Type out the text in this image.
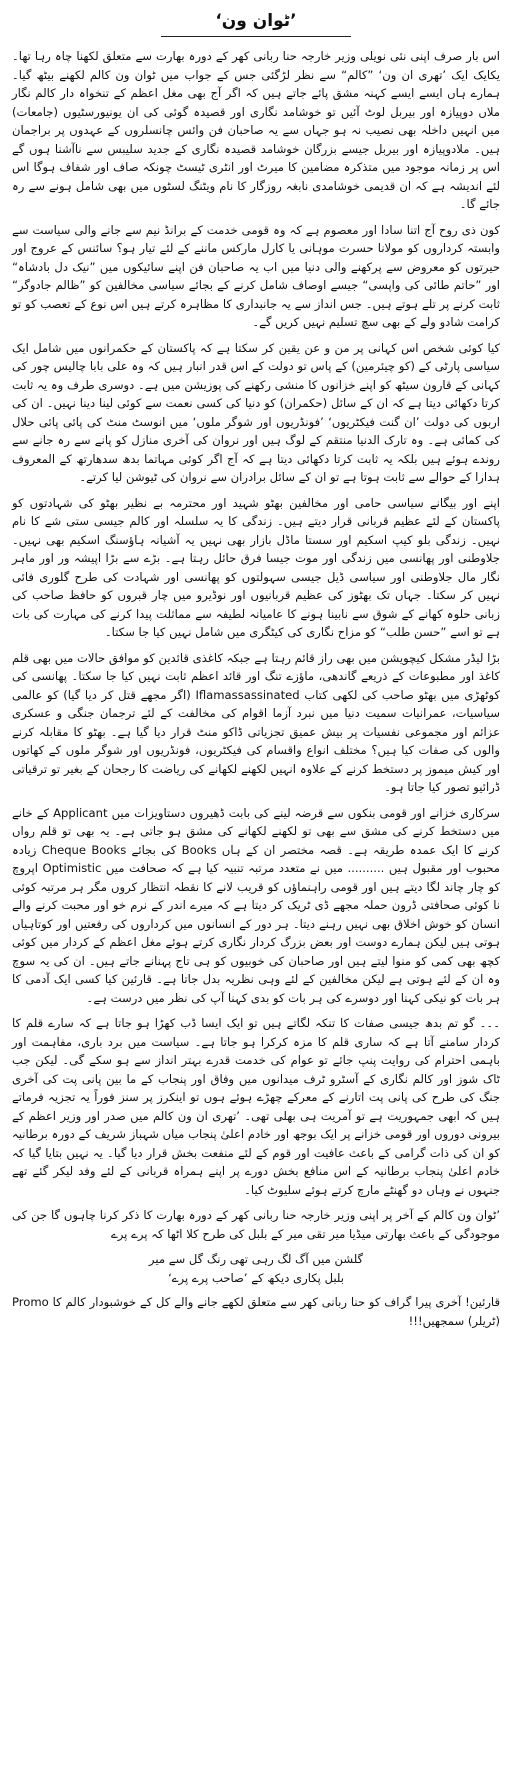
’ٹوان ون‘

اس بار صرف اپنی نئی نویلی وزیر خارجہ حنا ربانی کھر کے دورہ بھارت سے متعلق لکھنا چاہ رہا تھا۔ یکایک ایک ’تھری ان ون‘ ”کالم“ سے نظر لڑگئی جس کے جواب میں ٹوان ون کالم لکھنے بیٹھ گیا۔ ہمارے ہاں ایسے ایسے کہنہ مشق پائے جاتے ہیں کہ اگر آج بھی مغل اعظم کے تنخواہ دار کالم نگار ملاں دوپیازہ اور بیربل لوٹ آئیں تو خوشامد نگاری اور قصیدہ گوئی کی ان یونیورسٹیوں (جامعات) میں انہیں داخلہ بھی نصیب نہ ہو جہاں سے یہ صاحبان فن وائس چانسلروں کے عہدوں پر براجمان ہیں۔ ملادوپیازہ اور بیربل جیسے بزرگان خوشامد قصیدہ نگاری کے جدید سلیبس سے ناآشنا ہوں گے اس پر زمانہ موجود میں متذکرہ مضامین کا میرٹ اور انٹری ٹیسٹ چونکہ صاف اور شفاف ہوگا اس لئے اندیشہ ہے کہ ان قدیمی خوشامدی نابغہ روزگار کا نام ویٹنگ لسٹوں میں بھی شامل ہونے سے رہ جائے گا۔

کون ذی روح آج اتنا سادا اور معصوم ہے کہ وہ قومی خدمت کے برانڈ نیم سے جانے والی سیاست سے وابستہ کرداروں کو مولانا حسرت موہانی یا کارل مارکس ماننے کے لئے تیار ہو؟ سائنس کے عروج اور حیرتوں کو معروض سے پرکھنے والی دنیا میں اب یہ صاحبان فن اپنے سائیکوں میں ”نیک دل بادشاہ“ اور ”حاتم طائی کی واپسی“ جیسے اوصاف شامل کرنے کے بجائے سیاسی مخالفین کو ”ظالم جادوگر“ ثابت کرنے پر تلے ہوتے ہیں۔ جس انداز سے یہ جانبداری کا مظاہرہ کرتے ہیں اس نوع کے تعصب کو تو کرامت شادو ولے کے بھی سچ تسلیم نہیں کریں گے۔

کیا کوئی شخص اس کہانی پر من و عن یقین کر سکتا ہے کہ پاکستان کے حکمرانوں میں شامل ایک سیاسی پارٹی کے (کو چیئرمین) کے پاس تو دولت کے اس قدر انبار ہیں کہ وہ علی بابا چالیس چور کی کہانی کے قارون سیٹھ کو اپنے خزانوں کا منشی رکھنے کی پوزیشن میں ہے۔ دوسری طرف وہ یہ ثابت کرتا دکھائی دیتا ہے کہ ان کے سائل (حکمران) کو دنیا کی کسی نعمت سے کوئی لینا دینا نہیں۔ ان کی اربوں کی دولت ’ان گنت فیکٹریوں‘ ’فونڈریوں اور شوگر ملوں‘ میں انوسٹ منٹ کی پائی پائی حلال کی کمائی ہے۔ وہ تارک الدنیا منتقم کے لوگ ہیں اور نروان کی آخری منازل کو پانے سے رہ جانے سے روندے ہوئے ہیں بلکہ یہ ثابت کرتا دکھائی دیتا ہے کہ آج اگر کوئی مہاتما بدھ سدھارتھ کے المعروف ہدارا کے حوالے سے ثابت ہوتا ہے تو ان کے سائل برادران سے نروان کی ٹیوشن لیا کرتے۔

اپنے اور بیگانے سیاسی حامی اور مخالفین بھٹو شہید اور محترمہ بے نظیر بھٹو کی شہادتوں کو پاکستان کے لئے عظیم قربانی قرار دیتے ہیں۔ زندگی کا یہ سلسلہ اور کالم جیسی ستی شے کا نام نہیں۔ زندگی بلو کیپ اسکیم اور سستا ماڈل بازار بھی نہیں یہ آشیانہ ہاؤسنگ اسکیم بھی نہیں۔ جلاوطنی اور پھانسی میں زندگی اور موت جیسا فرق حائل رہتا ہے۔ بڑے سے بڑا اپیشہ ور اور ماہر نگار مال جلاوطنی اور سیاسی ڈیل جیسی سہولتوں کو پھانسی اور شہادت کی طرح گلوری فائی نہیں کر سکتا۔ جہاں تک بھٹوز کی عظیم قربانیوں اور نوڈیرو میں چار قبروں کو حافظ صاحب کی زبانی حلوہ کھانے کے شوق سے نابینا ہونے کا عامیانہ لطیفہ سے مماثلت پیدا کرنے کی مہارت کی بات ہے تو اسے ”حسن طلب“ کو مزاح نگاری کی کیٹگری میں شامل نہیں کیا جا سکتا۔

بڑا لیڈر مشکل کیچویشن میں بھی راز قائم رہتا ہے جبکہ کاغذی قائدین کو موافق حالات میں بھی قلم کاغذ اور مطبوعات کے ذریعے گاندھی، ماؤزے تنگ اور قائد اعظم ثابت نہیں کیا جا سکتا۔ پھانسی کی کوٹھڑی میں بھٹو صاحب کی لکھی کتاب Iflamassassinated (اگر مجھے قتل کر دیا گیا) کو عالمی سیاسیات، عمرانیات سمیت دنیا میں نبرد آزما اقوام کی مخالفت کے لئے ترجمان جنگی و عسکری عزائم اور مجموعی نفسیات پر بیش عمیق تجزیاتی ڈاکو منٹ قرار دیا گیا ہے۔ بھٹو کا مقابلہ کرنے والوں کی صفات کیا ہیں؟ مختلف انواع واقسام کی فیکٹریوں، فونڈریوں اور شوگر ملوں کے کھاتوں اور کیش میموز پر دستخط کرنے کے علاوہ انہیں لکھنے لکھانے کی ریاضت کا رجحان کے بغیر تو ترقیاتی ڈرائیو تصور کیا جاتا ہو۔

سرکاری خزانے اور قومی بنکوں سے قرضہ لینے کی بابت ڈھیروں دستاویزات میں Applicant کے خانے میں دستخط کرنے کی مشق سے بھی تو لکھنے لکھانے کی مشق ہو جاتی ہے۔ یہ بھی تو قلم رواں کرنے کا ایک عمدہ طریقہ ہے۔ قصہ مختصر ان کے ہاں Books کی بجائے Cheque Books زیادہ محبوب اور مقبول ہیں .......... میں نے متعدد مرتبہ تنبیہ کیا ہے کہ صحافت میں Optimistic اپروچ کو چار چاند لگا دیتے ہیں اور قومی راہنماؤں کو قریب لانے کا نقطہ انتظار کروں مگر ہر مرتبہ کوئی نا کوئی صحافتی ڈرون حملہ مجھے ڈی ٹریک کر دیتا ہے کہ میرے اندر کے نرم خو اور محبت کرنے والے انسان کو خوش اخلاق بھی نہیں رہنے دیتا۔ ہر دور کے انسانوں میں کرداروں کی رفعتیں اور کوتاہیاں ہوتی ہیں لیکن ہمارے دوست اور بعض بزرگ کردار نگاری کرتے ہوئے مغل اعظم کے کردار میں کوئی کچھ بھی کمی کو منوا لیتے ہیں اور صاحبان کی خوبیوں کو ہی تاج پہنانے جاتے ہیں۔ ان کی یہ سوچ وہ ان کے لئے ہوتی ہے لیکن مخالفین کے لئے وہی نظریہ بدل جاتا ہے۔ قارئین کیا کسی ایک آدمی کا ہر بات کو نیکی کہنا اور دوسرے کی ہر بات کو بدی کہنا آپ کی نظر میں درست ہے۔

۔۔۔ گو تم بدھ جیسی صفات کا تنکہ لگاتے ہیں تو ایک ایسا ڈب کھڑا ہو جاتا ہے کہ سارے قلم کا کردار سامنے آتا ہے کہ ساری قلم کا مزہ کرکرا ہو جاتا ہے۔ سیاست میں برد باری، مفاہمت اور باہمی احترام کی روایت پنپ جائے تو عوام کی خدمت قدرے بہتر انداز سے ہو سکے گی۔ لیکن جب ٹاک شوز اور کالم نگاری کے آسٹرو ٹرف میدانوں میں وفاق اور پنجاب کے ما بین پانی پت کی آخری جنگ کی طرح کی پانی پت اتارنے کے معرکے چھڑے ہوئے ہوں تو اینکرز پر سنز فوراً یہ تجزیہ فرماتے ہیں کہ ابھی جمہوریت ہے تو آمریت ہی بھلی تھی۔ ’تھری ان ون کالم میں صدر اور وزیر اعظم کے بیرونی دوروں اور قومی خزانے پر ایک بوجھ اور خادم اعلیٰ پنجاب میاں شہباز شریف کے دورہ برطانیہ کو ان کی ذات گرامی کے باعث عافیت اور قوم کے لئے منفعت بخش قرار دیا گیا۔ یہ نہیں بتایا گیا کہ خادم اعلیٰ پنجاب برطانیہ کے اس منافع بخش دورے پر اپنے ہمراہ قربانی کے لئے وفد لیکر گئے تھے جنہوں نے وہاں دو گھنٹے مارچ کرتے ہوئے سلیوٹ کیا۔

’ٹوان ون کالم کے آخر پر اپنی وزیر خارجہ حنا ربانی کھر کے دورہ بھارت کا ذکر کرنا چاہوں گا جن کی موجودگی کے باعث بھارتی میڈیا میر تقی میر کے بلبل کی طرح کلا اٹھا کہ پرے پرے

گلشن میں آگ لگ رہی تھی رنگ گل سے میر
بلبل پکاری دیکھ کے ’صاحب پرے پرے‘

قارئین! آخری پیرا گراف کو حنا ربانی کھر سے متعلق لکھے جانے والے کل کے خوشبودار کالم کا Promo (ٹریلر) سمجھیں!!!
